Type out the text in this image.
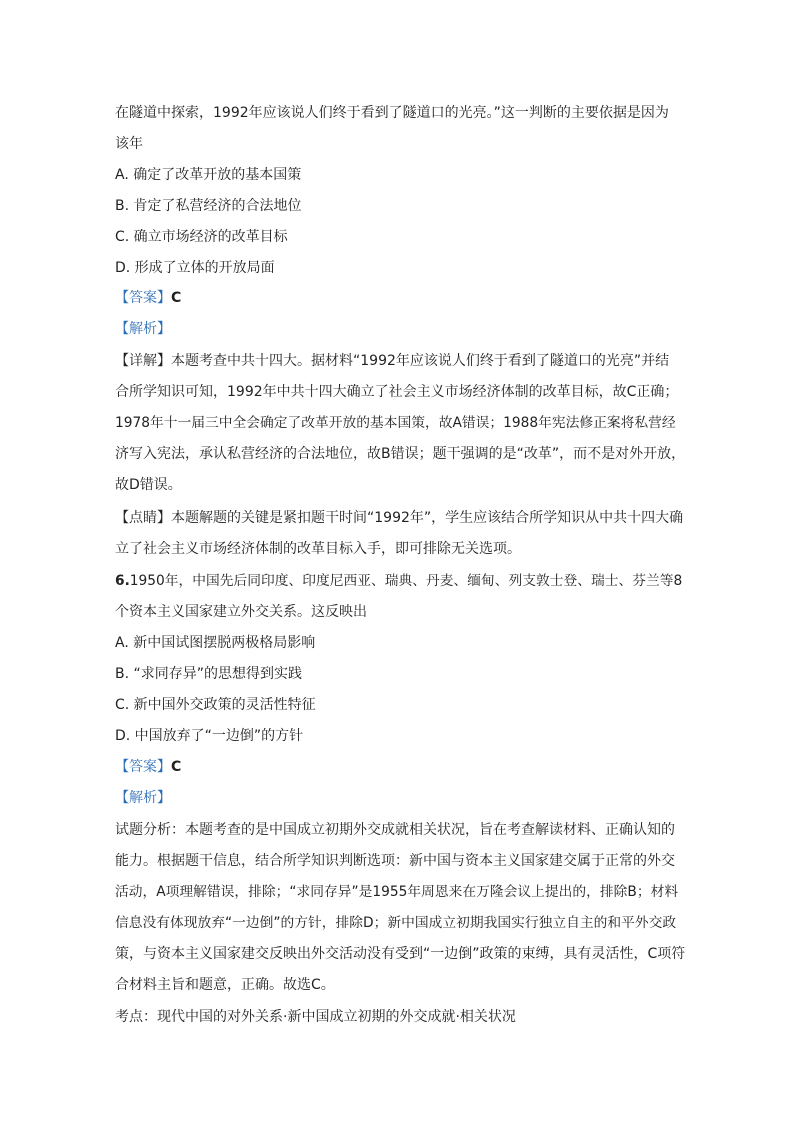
在隧道中探索，1992年应该说人们终于看到了隧道口的光亮。”这一判断的主要依据是因为
该年
A. 确定了改革开放的基本国策
B. 肯定了私营经济的合法地位
C. 确立市场经济的改革目标
D. 形成了立体的开放局面
【答案】C
【解析】
【详解】本题考查中共十四大。据材料“1992年应该说人们终于看到了隧道口的光亮”并结
合所学知识可知，1992年中共十四大确立了社会主义市场经济体制的改革目标，故C正确；
1978年十一届三中全会确定了改革开放的基本国策，故A错误；1988年宪法修正案将私营经
济写入宪法，承认私营经济的合法地位，故B错误；题干强调的是“改革”，而不是对外开放，
故D错误。
【点睛】本题解题的关键是紧扣题干时间“1992年”，学生应该结合所学知识从中共十四大确
立了社会主义市场经济体制的改革目标入手，即可排除无关选项。
6.1950年，中国先后同印度、印度尼西亚、瑞典、丹麦、缅甸、列支敦士登、瑞士、芬兰等8
个资本主义国家建立外交关系。这反映出
A. 新中国试图摆脱两极格局影响
B. “求同存异”的思想得到实践
C. 新中国外交政策的灵活性特征
D. 中国放弃了“一边倒”的方针
【答案】C
【解析】
试题分析：本题考查的是中国成立初期外交成就相关状况，旨在考查解读材料、正确认知的
能力。根据题干信息，结合所学知识判断选项：新中国与资本主义国家建交属于正常的外交
活动，A项理解错误，排除；“求同存异”是1955年周恩来在万隆会议上提出的，排除B；材料
信息没有体现放弃“一边倒”的方针，排除D；新中国成立初期我国实行独立自主的和平外交政
策，与资本主义国家建交反映出外交活动没有受到“一边倒”政策的束缚，具有灵活性，C项符
合材料主旨和题意，正确。故选C。
考点：现代中国的对外关系·新中国成立初期的外交成就·相关状况
